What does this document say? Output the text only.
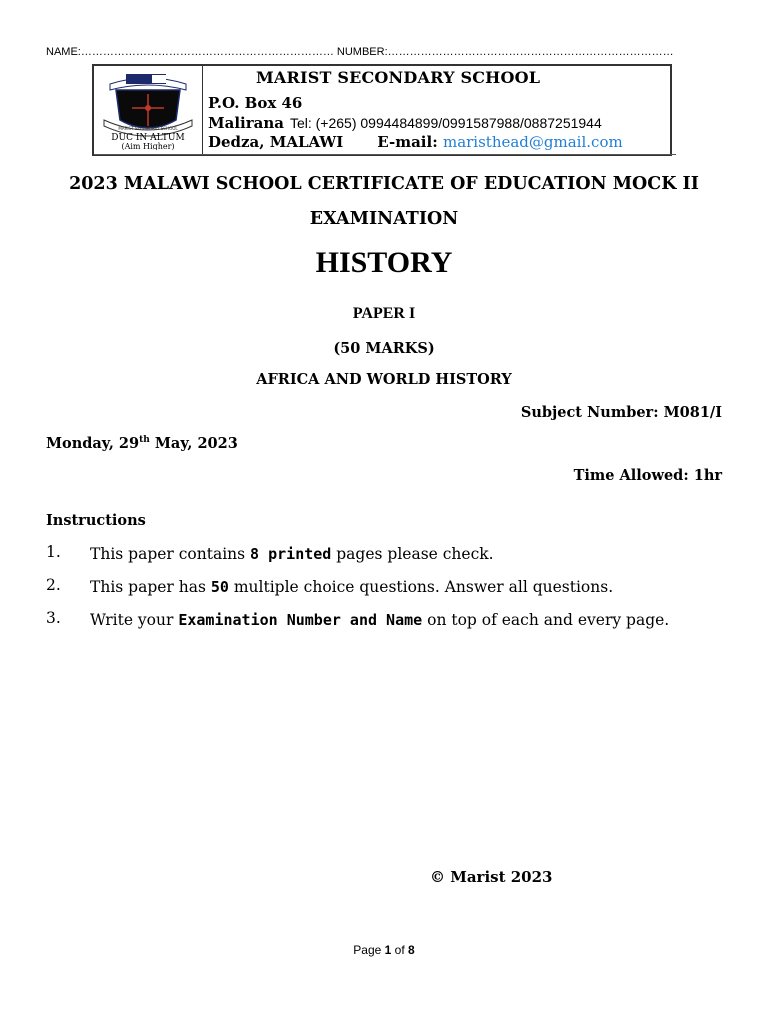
NAME:…………………………………………………………… NUMBER:……………………………………………………………………
MARIST SECONDARY SCHOOL
DUC IN ALTUM
(Aim Higher)
MARIST SECONDARY SCHOOL
P.O. Box 46
Malirana Tel: (+265) 0994484899/0991587988/0887251944
Dedza, MALAWI E-mail: maristhead@gmail.com
2023 MALAWI SCHOOL CERTIFICATE OF EDUCATION MOCK II
EXAMINATION
HISTORY
PAPER I
(50 MARKS)
AFRICA AND WORLD HISTORY
Subject Number: M081/I
Monday, 29th May, 2023
Time Allowed: 1hr
Instructions
1. This paper contains 8 printed pages please check.
2. This paper has 50 multiple choice questions. Answer all questions.
3. Write your Examination Number and Name on top of each and every page.
© Marist 2023
Page 1 of 8
